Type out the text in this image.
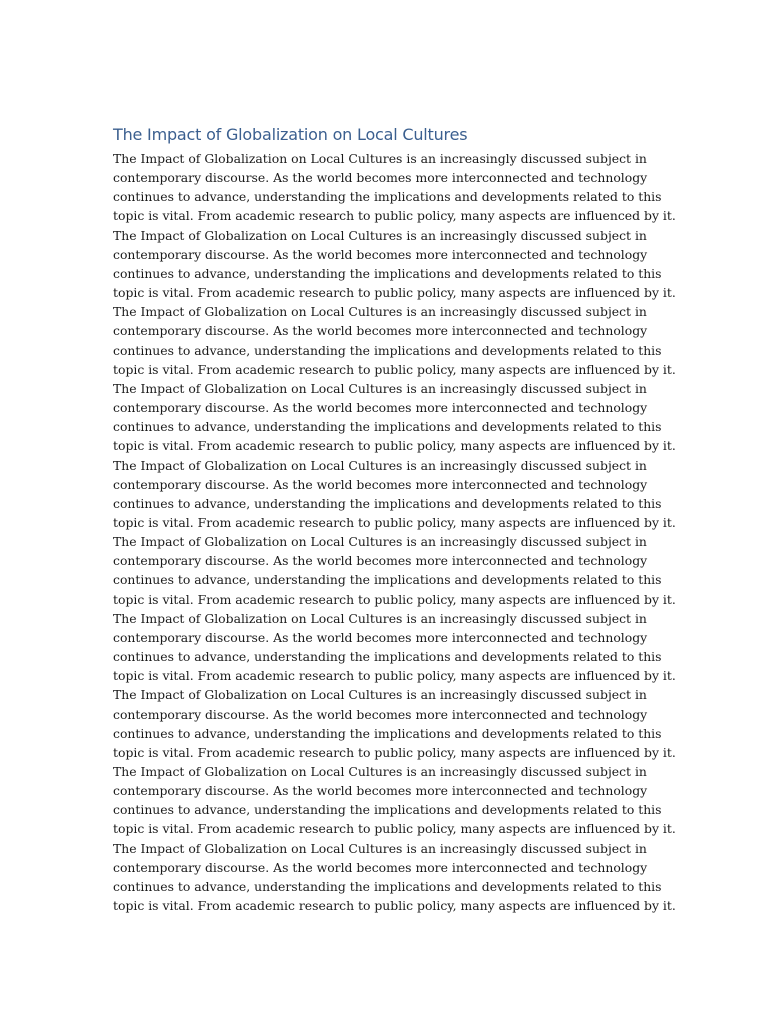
The Impact of Globalization on Local Cultures
The Impact of Globalization on Local Cultures is an increasingly discussed subject in
contemporary discourse. As the world becomes more interconnected and technology
continues to advance, understanding the implications and developments related to this
topic is vital. From academic research to public policy, many aspects are influenced by it.
The Impact of Globalization on Local Cultures is an increasingly discussed subject in
contemporary discourse. As the world becomes more interconnected and technology
continues to advance, understanding the implications and developments related to this
topic is vital. From academic research to public policy, many aspects are influenced by it.
The Impact of Globalization on Local Cultures is an increasingly discussed subject in
contemporary discourse. As the world becomes more interconnected and technology
continues to advance, understanding the implications and developments related to this
topic is vital. From academic research to public policy, many aspects are influenced by it.
The Impact of Globalization on Local Cultures is an increasingly discussed subject in
contemporary discourse. As the world becomes more interconnected and technology
continues to advance, understanding the implications and developments related to this
topic is vital. From academic research to public policy, many aspects are influenced by it.
The Impact of Globalization on Local Cultures is an increasingly discussed subject in
contemporary discourse. As the world becomes more interconnected and technology
continues to advance, understanding the implications and developments related to this
topic is vital. From academic research to public policy, many aspects are influenced by it.
The Impact of Globalization on Local Cultures is an increasingly discussed subject in
contemporary discourse. As the world becomes more interconnected and technology
continues to advance, understanding the implications and developments related to this
topic is vital. From academic research to public policy, many aspects are influenced by it.
The Impact of Globalization on Local Cultures is an increasingly discussed subject in
contemporary discourse. As the world becomes more interconnected and technology
continues to advance, understanding the implications and developments related to this
topic is vital. From academic research to public policy, many aspects are influenced by it.
The Impact of Globalization on Local Cultures is an increasingly discussed subject in
contemporary discourse. As the world becomes more interconnected and technology
continues to advance, understanding the implications and developments related to this
topic is vital. From academic research to public policy, many aspects are influenced by it.
The Impact of Globalization on Local Cultures is an increasingly discussed subject in
contemporary discourse. As the world becomes more interconnected and technology
continues to advance, understanding the implications and developments related to this
topic is vital. From academic research to public policy, many aspects are influenced by it.
The Impact of Globalization on Local Cultures is an increasingly discussed subject in
contemporary discourse. As the world becomes more interconnected and technology
continues to advance, understanding the implications and developments related to this
topic is vital. From academic research to public policy, many aspects are influenced by it.
